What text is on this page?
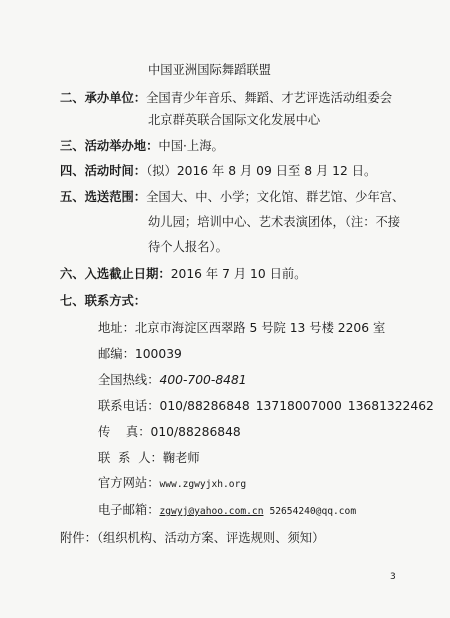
中国亚洲国际舞蹈联盟
二、承办单位：全国青少年音乐、舞蹈、才艺评选活动组委会
北京群英联合国际文化发展中心
三、活动举办地：中国·上海。
四、活动时间：（拟）2016 年 8 月 09 日至 8 月 12 日。
五、选送范围：全国大、中、小学；文化馆、群艺馆、少年宫、
幼儿园；培训中心、艺术表演团体，（注：不接
待个人报名）。
六、入选截止日期：2016 年 7 月 10 日前。
七、联系方式：
地址：北京市海淀区西翠路 5 号院 13 号楼 2206 室
邮编：100039
全国热线：400-700-8481
联系电话：010/88286848 13718007000 13681322462
传    真：010/88286848
联  系  人：鞠老师
官方网站：www.zgwyjxh.org
电子邮箱：zgwyj@yahoo.com.cn 52654240@qq.com
附件：（组织机构、活动方案、评选规则、须知）
3
